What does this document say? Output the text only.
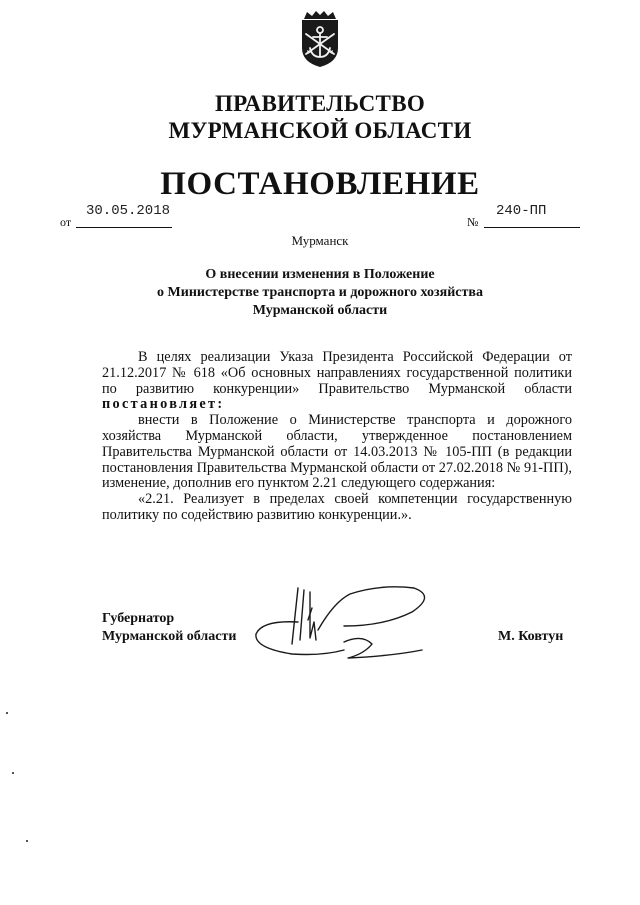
ПРАВИТЕЛЬСТВО
МУРМАНСКОЙ ОБЛАСТИ
ПОСТАНОВЛЕНИЕ
от
30.05.2018
№
240-ПП
Мурманск
О внесении изменения в Положение
о Министерстве транспорта и дорожного хозяйства
Мурманской области

В целях реализации Указа Президента Российской Федерации от 21.12.2017 № 618 «Об основных направлениях государственной политики по развитию конкуренции» Правительство Мурманской области постановляет:

внести в Положение о Министерстве транспорта и дорожного хозяйства Мурманской области, утвержденное постановлением Правительства Мурманской области от 14.03.2013 № 105-ПП (в редакции постановления Правительства Мурманской области от 27.02.2018 № 91-ПП), изменение, дополнив его пунктом 2.21 следующего содержания:

«2.21. Реализует в пределах своей компетенции государственную политику по содействию развитию конкуренции.».

Губернатор
Мурманской области	М. Ковтун
